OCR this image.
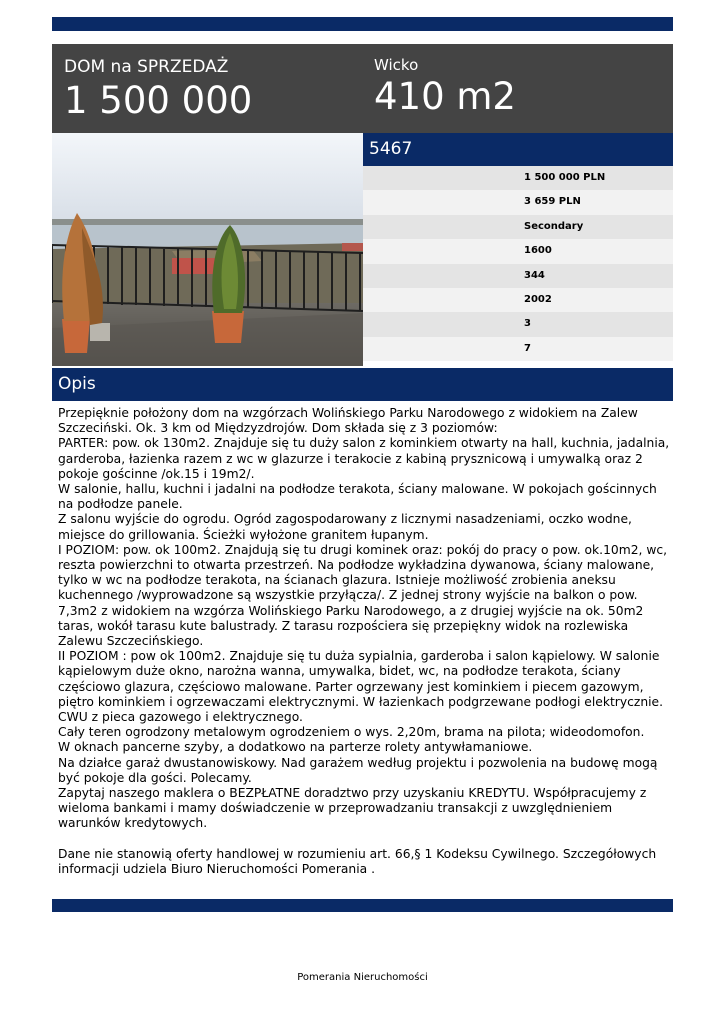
DOM na SPRZEDAŻ
1 500 000
Wicko
410 m2
5467
1 500 000 PLN
3 659 PLN
Secondary
1600
344
2002
3
7
Opis
Przepięknie położony dom na wzgórzach Wolińskiego Parku Narodowego z widokiem na Zalew Szczeciński. Ok. 3 km od Międzyzdrojów. Dom składa się z 3 poziomów:
PARTER: pow. ok 130m2. Znajduje się tu duży salon z kominkiem otwarty na hall, kuchnia, jadalnia, garderoba, łazienka razem z wc w glazurze i terakocie z kabiną prysznicową i umywalką oraz 2 pokoje gościnne /ok.15 i 19m2/.
W salonie, hallu, kuchni i jadalni na podłodze terakota, ściany malowane. W pokojach gościnnych na podłodze panele.
Z salonu wyjście do ogrodu. Ogród zagospodarowany z licznymi nasadzeniami, oczko wodne, miejsce do grillowania. Ścieżki wyłożone granitem łupanym.
I POZIOM: pow. ok 100m2. Znajdują się tu drugi kominek oraz: pokój do pracy o pow. ok.10m2, wc, reszta powierzchni to otwarta przestrzeń. Na podłodze wykładzina dywanowa, ściany malowane, tylko w wc na podłodze terakota, na ścianach glazura. Istnieje możliwość zrobienia aneksu kuchennego /wyprowadzone są wszystkie przyłącza/. Z jednej strony wyjście na balkon o pow. 7,3m2 z widokiem na wzgórza Wolińskiego Parku Narodowego, a z drugiej wyjście na ok. 50m2 taras, wokół tarasu kute balustrady. Z tarasu rozpościera się przepiękny widok na rozlewiska Zalewu Szczecińskiego.
II POZIOM : pow ok 100m2. Znajduje się tu duża sypialnia, garderoba i salon kąpielowy. W salonie kąpielowym duże okno, narożna wanna, umywalka, bidet, wc, na podłodze terakota, ściany częściowo glazura, częściowo malowane. Parter ogrzewany jest kominkiem i piecem gazowym, piętro kominkiem i ogrzewaczami elektrycznymi. W łazienkach podgrzewane podłogi elektrycznie. CWU z pieca gazowego i elektrycznego.
Cały teren ogrodzony metalowym ogrodzeniem o wys. 2,20m, brama na pilota; wideodomofon.
W oknach pancerne szyby, a dodatkowo na parterze rolety antywłamaniowe.
Na działce garaż dwustanowiskowy. Nad garażem według projektu i pozwolenia na budowę mogą być pokoje dla gości. Polecamy.
Zapytaj naszego maklera o BEZPŁATNE doradztwo przy uzyskaniu KREDYTU. Współpracujemy z wieloma bankami i mamy doświadczenie w przeprowadzaniu transakcji z uwzględnieniem warunków kredytowych.

Dane nie stanowią oferty handlowej w rozumieniu art. 66,§ 1 Kodeksu Cywilnego. Szczegółowych informacji udziela Biuro Nieruchomości Pomerania .
Pomerania Nieruchomości
